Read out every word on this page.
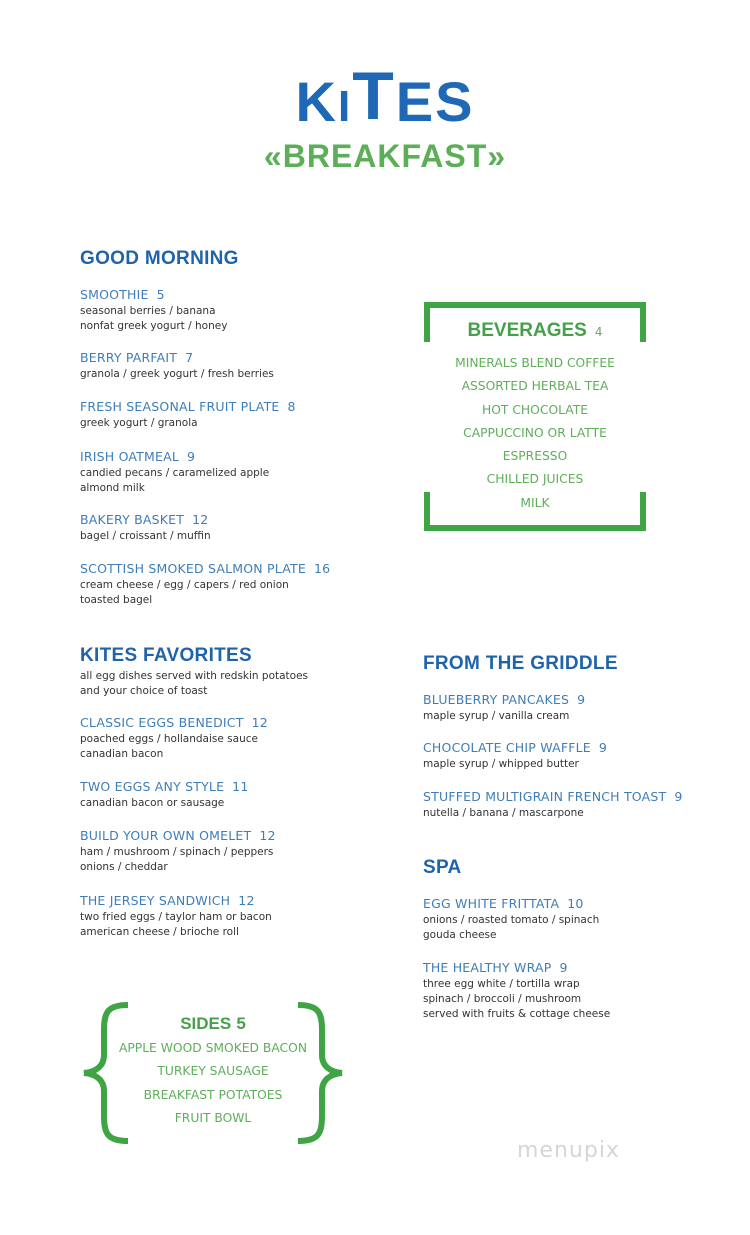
KITES
«BREAKFAST»
GOOD MORNING
SMOOTHIE 5
seasonal berries / banana
nonfat greek yogurt / honey
BERRY PARFAIT 7
granola / greek yogurt / fresh berries
FRESH SEASONAL FRUIT PLATE 8
greek yogurt / granola
IRISH OATMEAL 9
candied pecans / caramelized apple
almond milk
BAKERY BASKET 12
bagel / croissant / muffin
SCOTTISH SMOKED SALMON PLATE 16
cream cheese / egg / capers / red onion
toasted bagel
BEVERAGES 4
MINERALS BLEND COFFEE
ASSORTED HERBAL TEA
HOT CHOCOLATE
CAPPUCCINO OR LATTE
ESPRESSO
CHILLED JUICES
MILK
KITES FAVORITES
all egg dishes served with redskin potatoes
and your choice of toast
CLASSIC EGGS BENEDICT 12
poached eggs / hollandaise sauce
canadian bacon
TWO EGGS ANY STYLE 11
canadian bacon or sausage
BUILD YOUR OWN OMELET 12
ham / mushroom / spinach / peppers
onions / cheddar
THE JERSEY SANDWICH 12
two fried eggs / taylor ham or bacon
american cheese / brioche roll
FROM THE GRIDDLE
BLUEBERRY PANCAKES 9
maple syrup / vanilla cream
CHOCOLATE CHIP WAFFLE 9
maple syrup / whipped butter
STUFFED MULTIGRAIN FRENCH TOAST 9
nutella / banana / mascarpone
SPA
EGG WHITE FRITTATA 10
onions / roasted tomato / spinach
gouda cheese
THE HEALTHY WRAP 9
three egg white / tortilla wrap
spinach / broccoli / mushroom
served with fruits & cottage cheese
SIDES 5
APPLE WOOD SMOKED BACON
TURKEY SAUSAGE
BREAKFAST POTATOES
FRUIT BOWL
menupix
